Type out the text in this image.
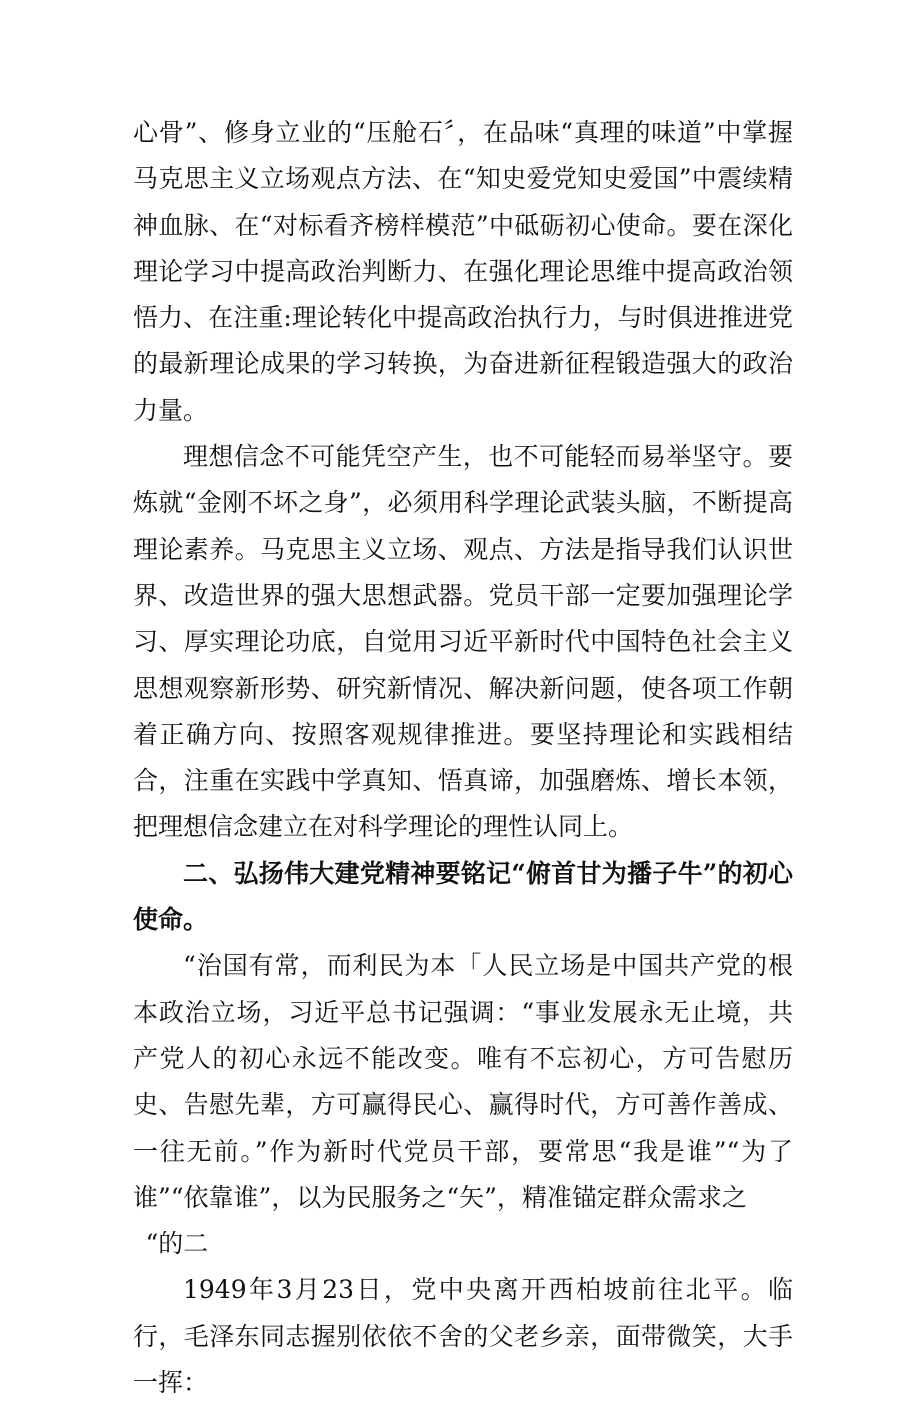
心骨”、修身立业的“压舱石〞，在品味“真理的味道”中掌握马克思主义立场观点方法、在“知史爱党知史爱国”中震续精神血脉、在“对标看齐榜样模范”中砥砺初心使命。要在深化理论学习中提高政治判断力、在强化理论思维中提高政治领悟力、在注重:理论转化中提高政治执行力，与时俱进推进党的最新理论成果的学习转换，为奋进新征程锻造强大的政治力量。

理想信念不可能凭空产生，也不可能轻而易举坚守。要炼就“金刚不坏之身”，必须用科学理论武装头脑，不断提高理论素养。马克思主义立场、观点、方法是指导我们认识世界、改造世界的强大思想武器。党员干部一定要加强理论学习、厚实理论功底，自觉用习近平新时代中国特色社会主义思想观察新形势、研究新情况、解决新问题，使各项工作朝着正确方向、按照客观规律推进。要坚持理论和实践相结合，注重在实践中学真知、悟真谛，加强磨炼、增长本领，把理想信念建立在对科学理论的理性认同上。

二、弘扬伟大建党精神要铭记“俯首甘为播子牛”的初心使命。

“治国有常，而利民为本「人民立场是中国共产党的根本政治立场，习近平总书记强调：“事业发展永无止境，共产党人的初心永远不能改变。唯有不忘初心，方可告慰历史、告慰先辈，方可赢得民心、赢得时代，方可善作善成、一往无前。”作为新时代党员干部，要常思“我是谁”“为了谁”“依靠谁”，以为民服务之“矢”，精准锚定群众需求之

“的二

1949年3月23日，党中央离开西柏坡前往北平。临行，毛泽东同志握别依依不舍的父老乡亲，面带微笑，大手一挥：
